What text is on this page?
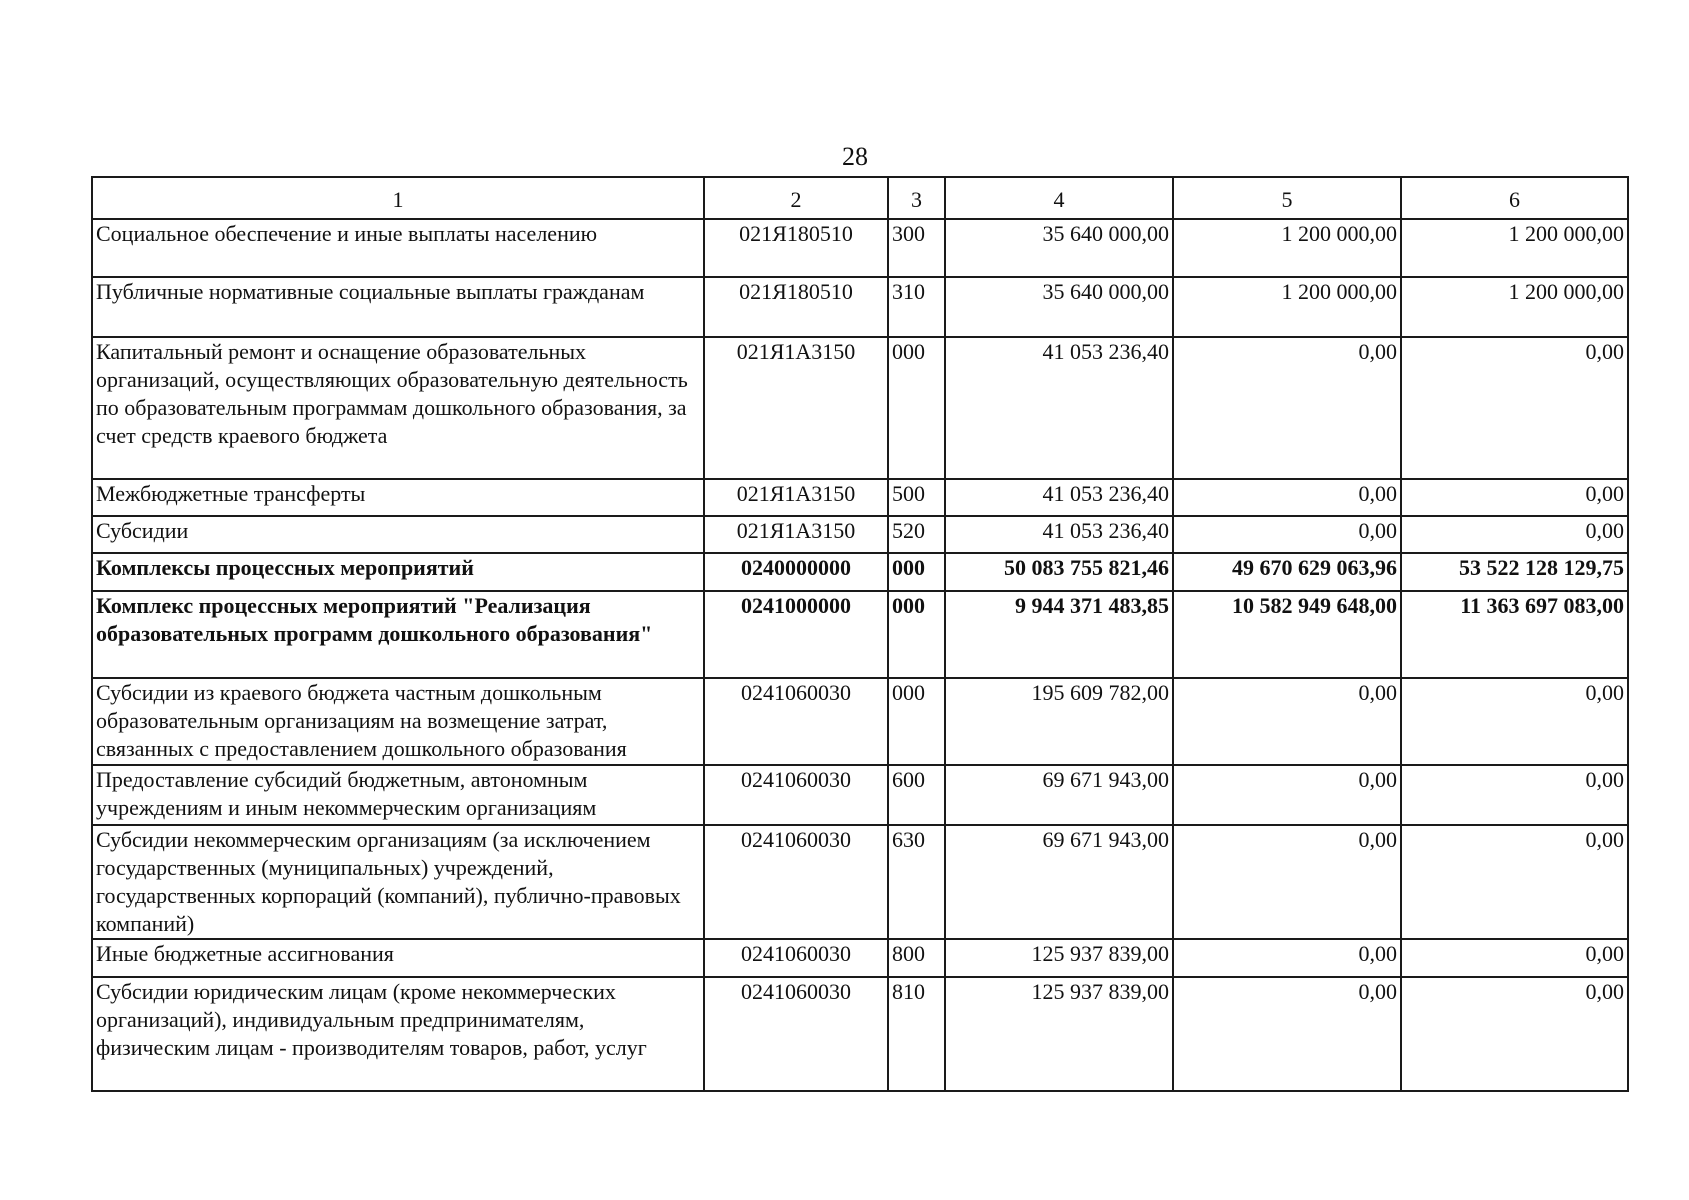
28
1	2	3	4	5	6
Социальное обеспечение и иные выплаты населению	021Я180510	300	35 640 000,00	1 200 000,00	1 200 000,00
Публичные нормативные социальные выплаты гражданам	021Я180510	310	35 640 000,00	1 200 000,00	1 200 000,00
Капитальный ремонт и оснащение образовательных организаций, осуществляющих образовательную деятельность по образовательным программам дошкольного образования, за счет средств краевого бюджета	021Я1А3150	000	41 053 236,40	0,00	0,00
Межбюджетные трансферты	021Я1А3150	500	41 053 236,40	0,00	0,00
Субсидии	021Я1А3150	520	41 053 236,40	0,00	0,00
Комплексы процессных мероприятий	0240000000	000	50 083 755 821,46	49 670 629 063,96	53 522 128 129,75
Комплекс процессных мероприятий "Реализация образовательных программ дошкольного образования"	0241000000	000	9 944 371 483,85	10 582 949 648,00	11 363 697 083,00
Субсидии из краевого бюджета частным дошкольным образовательным организациям на возмещение затрат, связанных с предоставлением дошкольного образования	0241060030	000	195 609 782,00	0,00	0,00
Предоставление субсидий бюджетным, автономным учреждениям и иным некоммерческим организациям	0241060030	600	69 671 943,00	0,00	0,00
Субсидии некоммерческим организациям (за исключением государственных (муниципальных) учреждений, государственных корпораций (компаний), публично-правовых компаний)	0241060030	630	69 671 943,00	0,00	0,00
Иные бюджетные ассигнования	0241060030	800	125 937 839,00	0,00	0,00
Субсидии юридическим лицам (кроме некоммерческих организаций), индивидуальным предпринимателям, физическим лицам - производителям товаров, работ, услуг	0241060030	810	125 937 839,00	0,00	0,00
